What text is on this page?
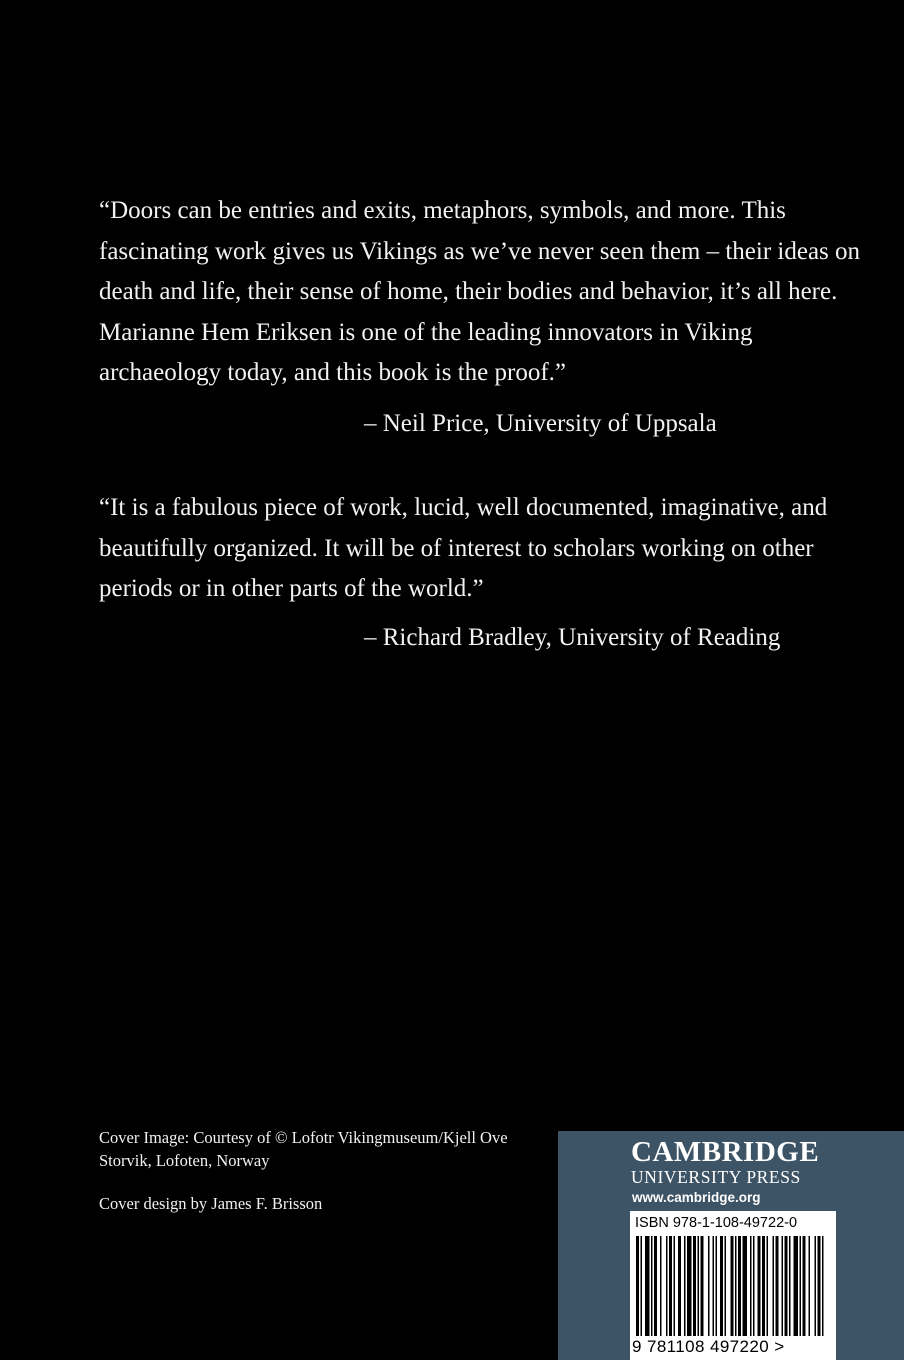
“Doors can be entries and exits, metaphors, symbols, and more. This fascinating work gives us Vikings as we’ve never seen them – their ideas on death and life, their sense of home, their bodies and behavior, it’s all here. Marianne Hem Eriksen is one of the leading innovators in Viking archaeology today, and this book is the proof.”

– Neil Price, University of Uppsala

“It is a fabulous piece of work, lucid, well documented, imaginative, and beautifully organized. It will be of interest to scholars working on other periods or in other parts of the world.”

– Richard Bradley, University of Reading

Cover Image: Courtesy of © Lofotr Vikingmuseum/Kjell Ove Storvik, Lofoten, Norway

Cover design by James F. Brisson

CAMBRIDGE
UNIVERSITY PRESS
www.cambridge.org
ISBN 978-1-108-49722-0
9 781108 497220 >
